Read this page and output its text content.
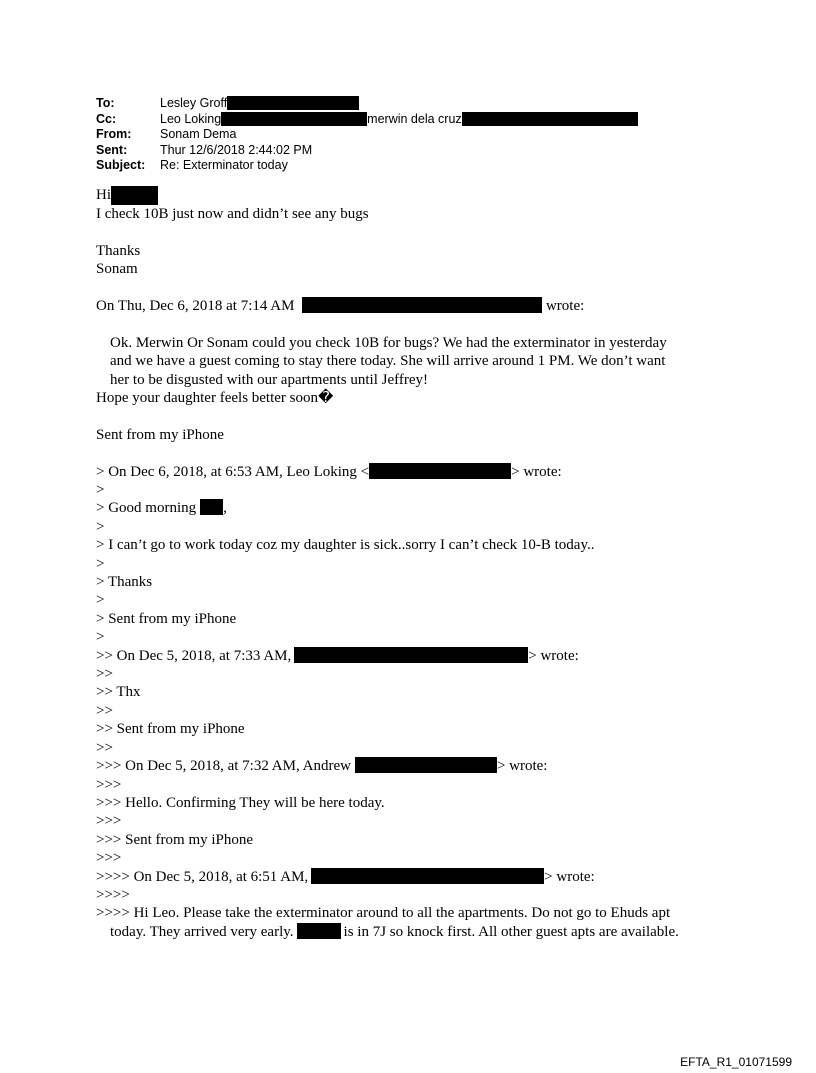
To:	Lesley Groff
Cc:	Leo Loking	merwin dela cruz
From: Sonam Dema
Sent:	Thur 12/6/2018 2:44:02 PM
Subject: Re: Exterminator today
Hi
I check 10B just now and didn’t see any bugs
Thanks
Sonam
On Thu, Dec 6, 2018 at 7:14 AM	wrote:
Ok. Merwin Or Sonam could you check 10B for bugs? We had the exterminator in yesterday
and we have a guest coming to stay there today. She will arrive around 1 PM. We don’t want
her to be disgusted with our apartments until Jeffrey!
Hope your daughter feels better soon�
Sent from my iPhone
> On Dec 6, 2018, at 6:53 AM, Leo Loking <	> wrote:
>
> Good morning ,
>
> I can’t go to work today coz my daughter is sick..sorry I can’t check 10-B today..
>
> Thanks
>
> Sent from my iPhone
>
>> On Dec 5, 2018, at 7:33 AM,	> wrote:
>>
>> Thx
>>
>> Sent from my iPhone
>>
>>> On Dec 5, 2018, at 7:32 AM, Andrew	> wrote:
>>>
>>> Hello. Confirming They will be here today.
>>>
>>> Sent from my iPhone
>>>
>>>> On Dec 5, 2018, at 6:51 AM,	> wrote:
>>>>
>>>> Hi Leo. Please take the exterminator around to all the apartments. Do not go to Ehuds apt
today. They arrived very early.	is in 7J so knock first. All other guest apts are available.
EFTA_R1_01071599
